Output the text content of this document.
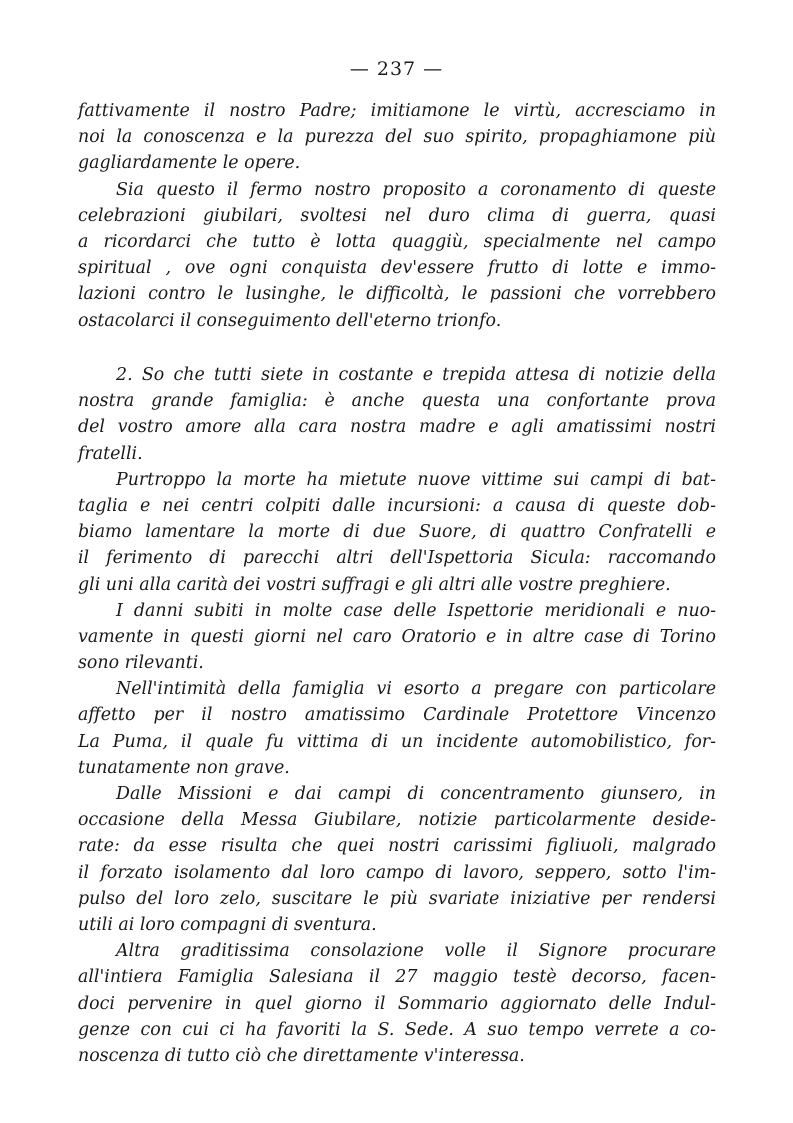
— 237 —
fattivamente il nostro Padre; imitiamone le virtù, accresciamo in
noi la conoscenza e la purezza del suo spirito, propaghiamone più
gagliardamente le opere.
Sia questo il fermo nostro proposito a coronamento di queste
celebrazioni giubilari, svoltesi nel duro clima di guerra, quasi
a ricordarci che tutto è lotta quaggiù, specialmente nel campo
spiritual , ove ogni conquista dev'essere frutto di lotte e immo-
lazioni contro le lusinghe, le difficoltà, le passioni che vorrebbero
ostacolarci il conseguimento dell'eterno trionfo.
2. So che tutti siete in costante e trepida attesa di notizie della
nostra grande famiglia: è anche questa una confortante prova
del vostro amore alla cara nostra madre e agli amatissimi nostri
fratelli.
Purtroppo la morte ha mietute nuove vittime sui campi di bat-
taglia e nei centri colpiti dalle incursioni: a causa di queste dob-
biamo lamentare la morte di due Suore, di quattro Confratelli e
il ferimento di parecchi altri dell'Ispettoria Sicula: raccomando
gli uni alla carità dei vostri suffragi e gli altri alle vostre preghiere.
I danni subiti in molte case delle Ispettorie meridionali e nuo-
vamente in questi giorni nel caro Oratorio e in altre case di Torino
sono rilevanti.
Nell'intimità della famiglia vi esorto a pregare con particolare
affetto per il nostro amatissimo Cardinale Protettore Vincenzo
La Puma, il quale fu vittima di un incidente automobilistico, for-
tunatamente non grave.
Dalle Missioni e dai campi di concentramento giunsero, in
occasione della Messa Giubilare, notizie particolarmente deside-
rate: da esse risulta che quei nostri carissimi figliuoli, malgrado
il forzato isolamento dal loro campo di lavoro, seppero, sotto l'im-
pulso del loro zelo, suscitare le più svariate iniziative per rendersi
utili ai loro compagni di sventura.
Altra graditissima consolazione volle il Signore procurare
all'intiera Famiglia Salesiana il 27 maggio testè decorso, facen-
doci pervenire in quel giorno il Sommario aggiornato delle Indul-
genze con cui ci ha favoriti la S. Sede. A suo tempo verrete a co-
noscenza di tutto ciò che direttamente v'interessa.
